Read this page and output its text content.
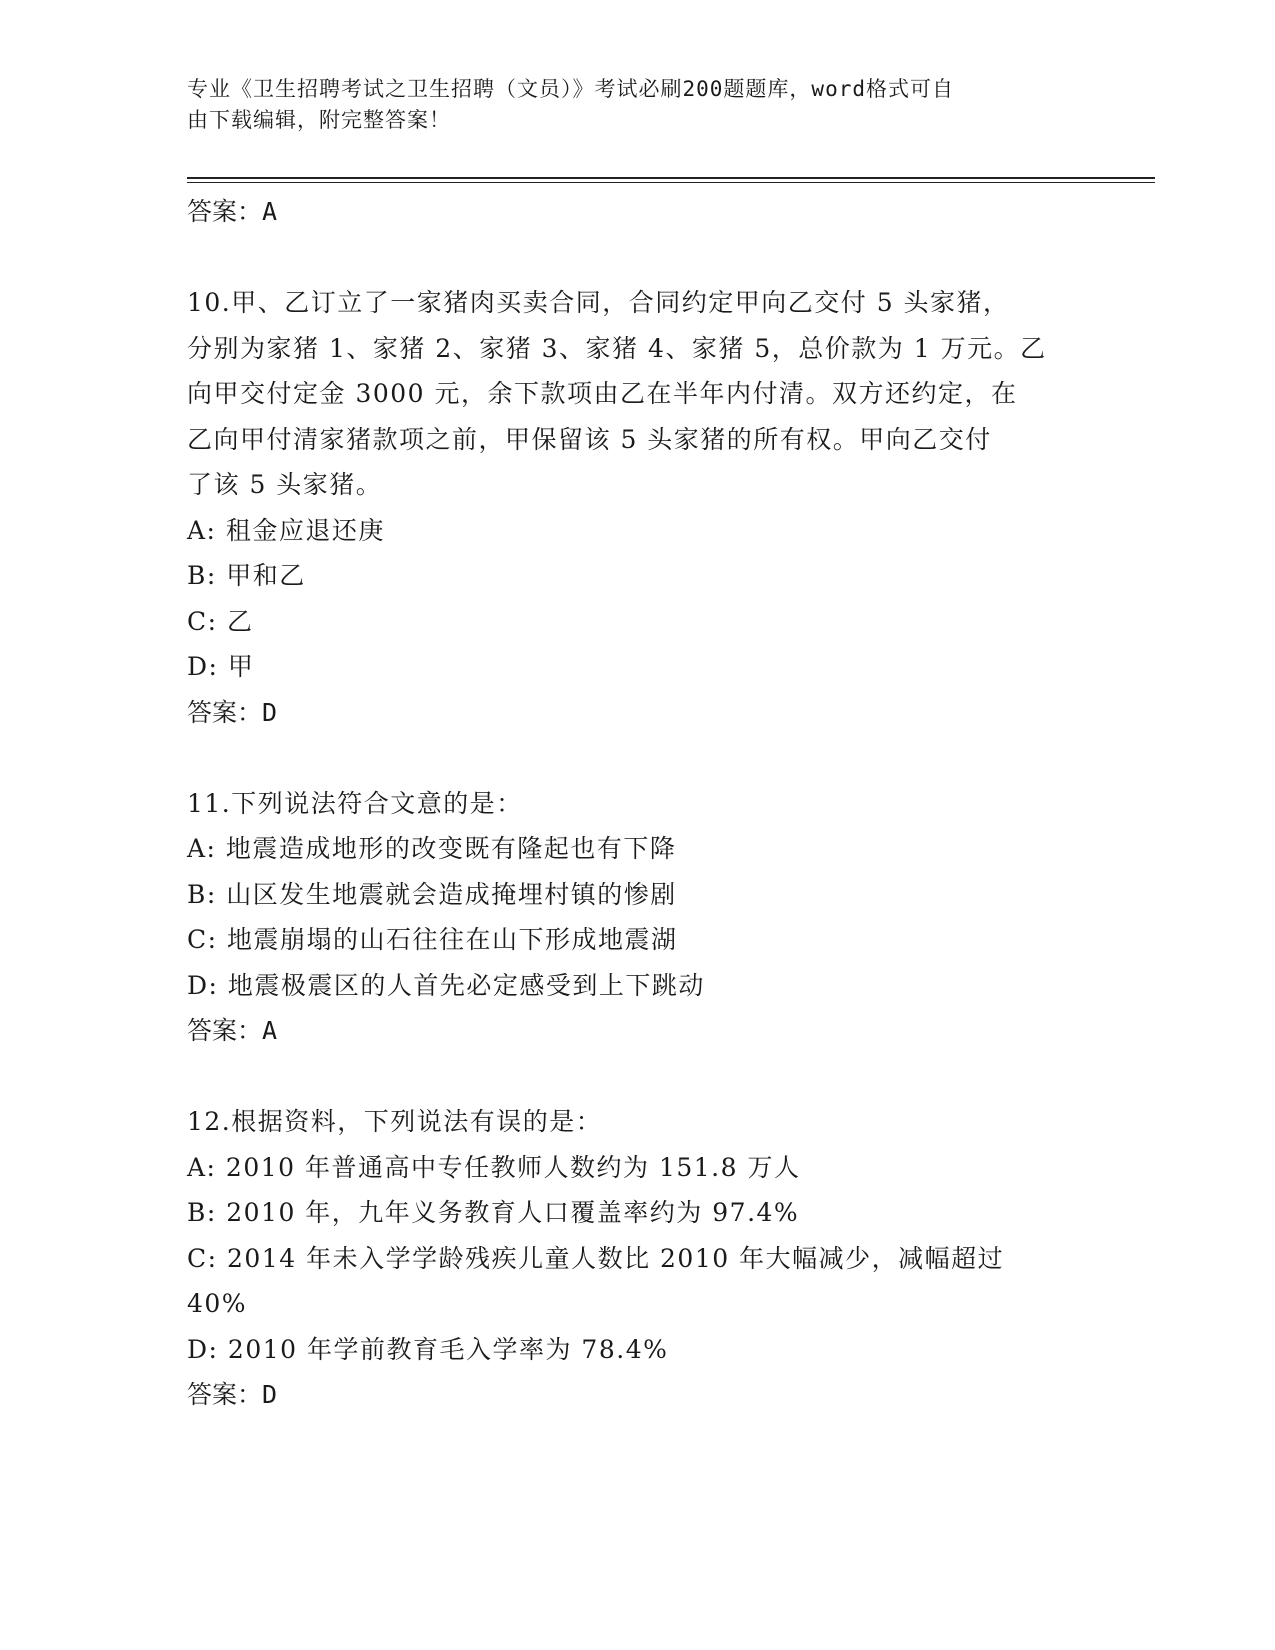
专业《卫生招聘考试之卫生招聘（文员）》考试必刷200题题库，word格式可自
由下载编辑，附完整答案！
答案：A
10.甲、乙订立了一家猪肉买卖合同，合同约定甲向乙交付 5 头家猪，
分别为家猪 1、家猪 2、家猪 3、家猪 4、家猪 5，总价款为 1 万元。乙
向甲交付定金 3000 元，余下款项由乙在半年内付清。双方还约定，在
乙向甲付清家猪款项之前，甲保留该 5 头家猪的所有权。甲向乙交付
了该 5 头家猪。
A: 租金应退还庚
B: 甲和乙
C: 乙
D: 甲
答案：D
11.下列说法符合文意的是：
A: 地震造成地形的改变既有隆起也有下降
B: 山区发生地震就会造成掩埋村镇的惨剧
C: 地震崩塌的山石往往在山下形成地震湖
D: 地震极震区的人首先必定感受到上下跳动
答案：A
12.根据资料，下列说法有误的是：
A: 2010 年普通高中专任教师人数约为 151.8 万人
B: 2010 年，九年义务教育人口覆盖率约为 97.4%
C: 2014 年未入学学龄残疾儿童人数比 2010 年大幅减少，减幅超过
40%
D: 2010 年学前教育毛入学率为 78.4%
答案：D
